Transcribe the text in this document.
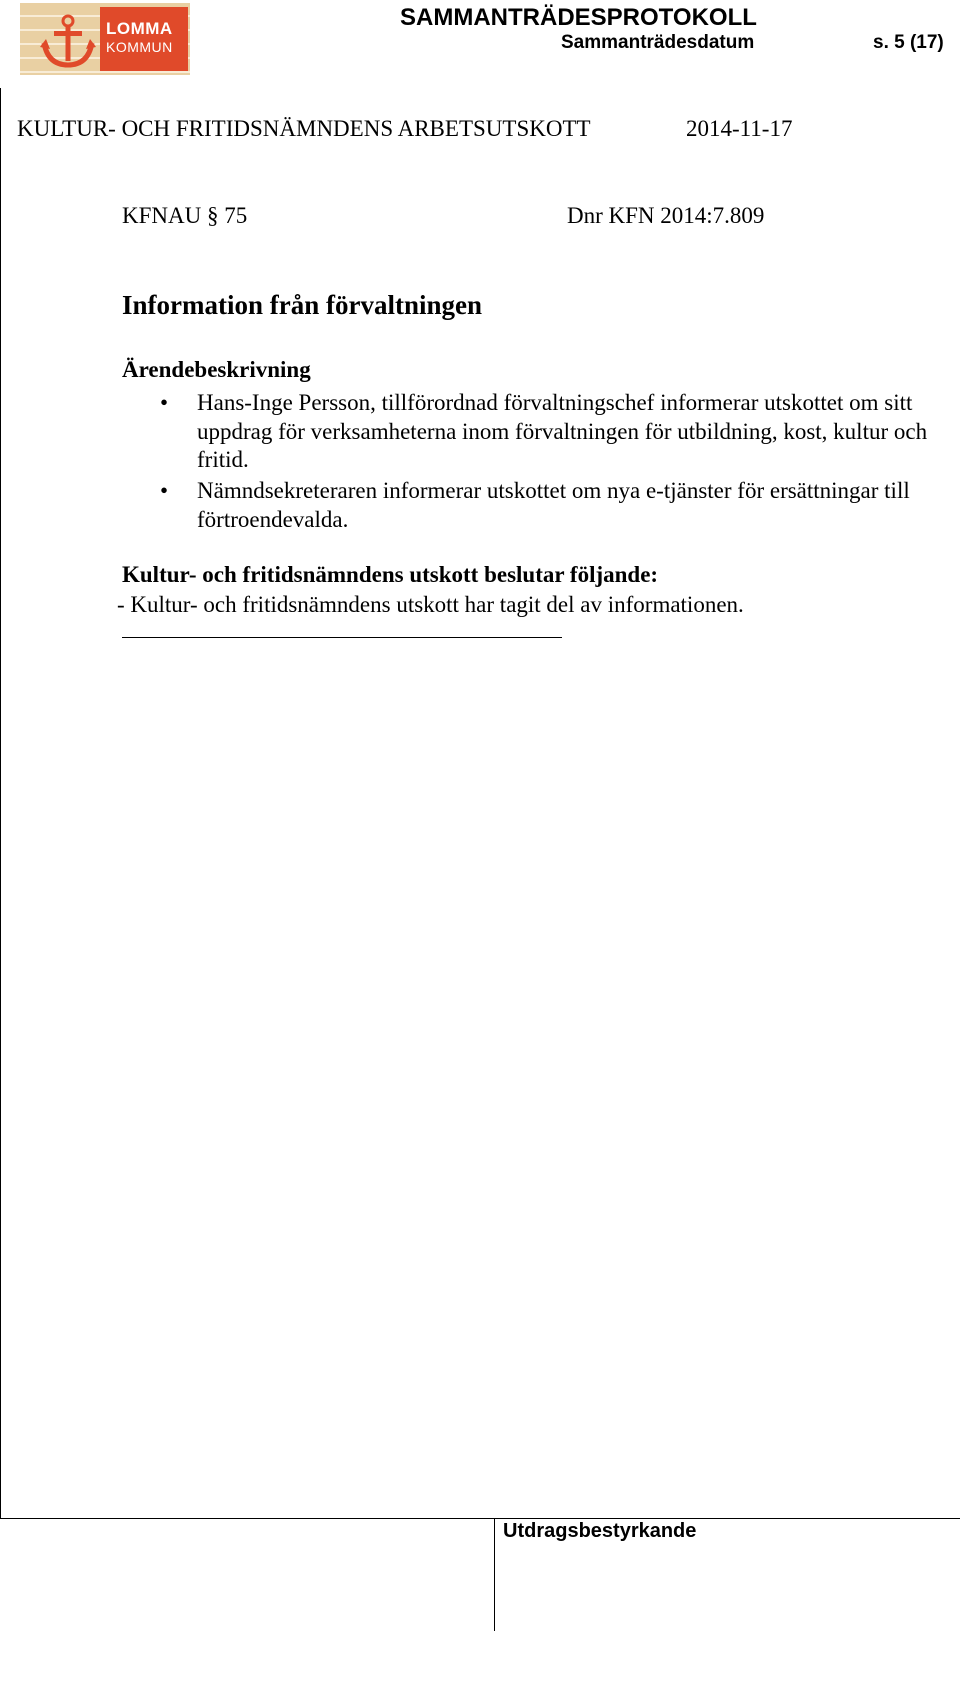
LOMMA
KOMMUN
SAMMANTRÄDESPROTOKOLL
Sammanträdesdatum	s. 5 (17)
KULTUR- OCH FRITIDSNÄMNDENS ARBETSUTSKOTT	2014-11-17
KFNAU § 75	Dnr KFN 2014:7.809
Information från förvaltningen
Ärendebeskrivning
• Hans-Inge Persson, tillförordnad förvaltningschef informerar utskottet om sitt uppdrag för verksamheterna inom förvaltningen för utbildning, kost, kultur och fritid.
• Nämndsekreteraren informerar utskottet om nya e-tjänster för ersättningar till förtroendevalda.
Kultur- och fritidsnämndens utskott beslutar följande:
- Kultur- och fritidsnämndens utskott har tagit del av informationen.
Utdragsbestyrkande
